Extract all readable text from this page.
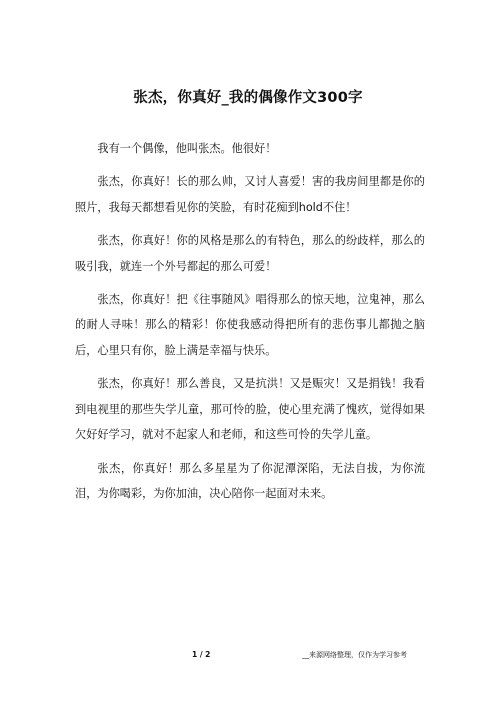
张杰，你真好_我的偶像作文300字

我有一个偶像，他叫张杰。他很好！

张杰，你真好！长的那么帅，又讨人喜爱！害的我房间里都是你的照片，我每天都想看见你的笑脸，有时花痴到hold不住！

张杰，你真好！你的风格是那么的有特色，那么的纷歧样，那么的吸引我，就连一个外号都起的那么可爱！

张杰，你真好！把《往事随风》唱得那么的惊天地，泣鬼神，那么的耐人寻味！那么的精彩！你使我感动得把所有的悲伤事儿都抛之脑后，心里只有你，脸上满是幸福与快乐。

张杰，你真好！那么善良，又是抗洪！又是赈灾！又是捐钱！我看到电视里的那些失学儿童，那可怜的脸，使心里充满了愧疚，觉得如果欠好好学习，就对不起家人和老师，和这些可怜的失学儿童。

张杰，你真好！那么多星星为了你泥潭深陷，无法自拔，为你流泪，为你喝彩，为你加油，决心陪你一起面对未来。

1 / 2	__来源网络整理，仅作为学习参考
